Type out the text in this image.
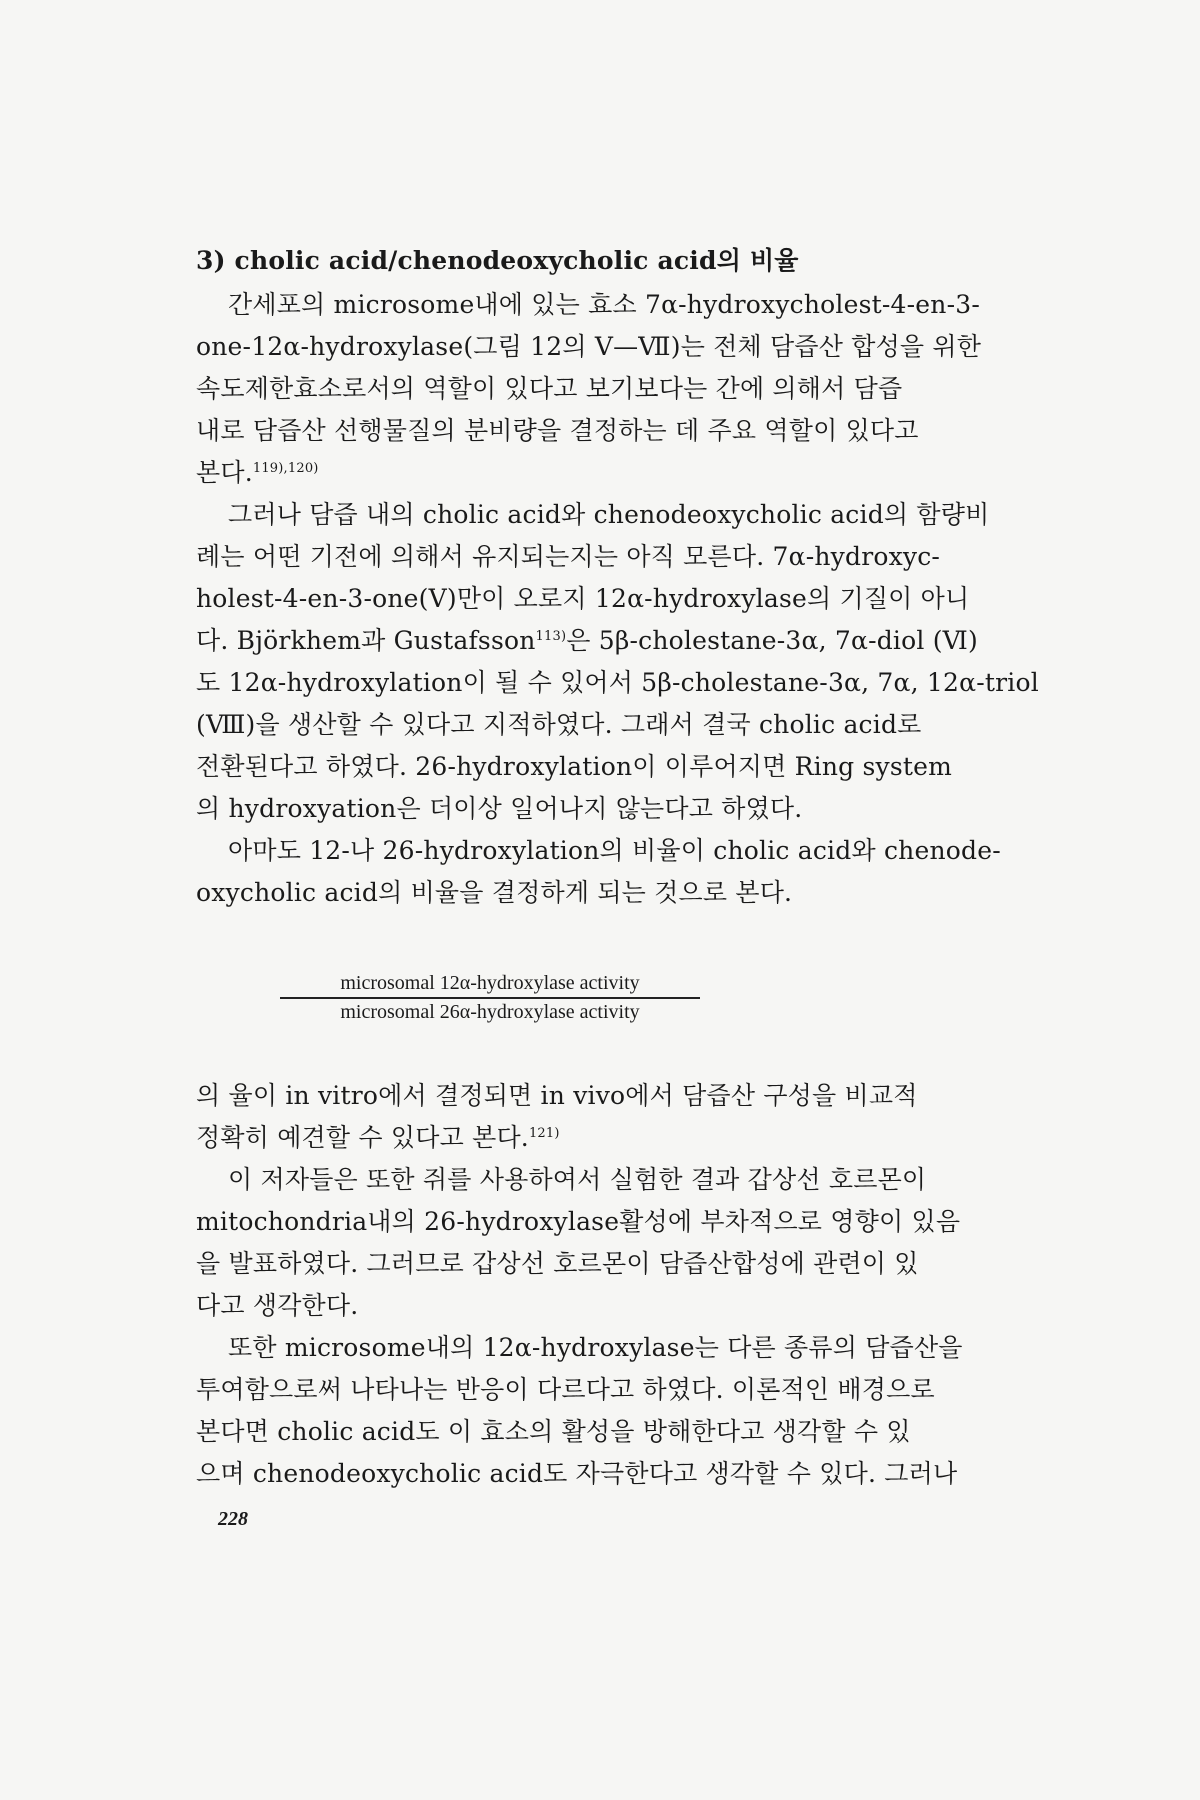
3) cholic acid/chenodeoxycholic acid의 비율
간세포의 microsome내에 있는 효소 7α-hydroxycholest-4-en-3-
one-12α-hydroxylase(그림 12의 V—Ⅶ)는 전체 담즙산 합성을 위한
속도제한효소로서의 역할이 있다고 보기보다는 간에 의해서 담즙
내로 담즙산 선행물질의 분비량을 결정하는 데 주요 역할이 있다고
본다.$^{119),120)}$
그러나 담즙 내의 cholic acid와 chenodeoxycholic acid의 함량비
례는 어떤 기전에 의해서 유지되는지는 아직 모른다. 7α-hydroxyc-
holest-4-en-3-one(Ⅴ)만이 오로지 12α-hydroxylase의 기질이 아니
다. Björkhem과 Gustafsson$^{113)}$은 5β-cholestane-3α, 7α-diol (Ⅵ)
도 12α-hydroxylation이 될 수 있어서 5β-cholestane-3α, 7α, 12α-triol
(Ⅷ)을 생산할 수 있다고 지적하였다. 그래서 결국 cholic acid로
전환된다고 하였다. 26-hydroxylation이 이루어지면 Ring system
의 hydroxyation은 더이상 일어나지 않는다고 하였다.
아마도 12-나 26-hydroxylation의 비율이 cholic acid와 chenode-
oxycholic acid의 비율을 결정하게 되는 것으로 본다.
microsomal 12α-hydroxylase activity
microsomal 26α-hydroxylase activity
의 율이 in vitro에서 결정되면 in vivo에서 담즙산 구성을 비교적
정확히 예견할 수 있다고 본다.$^{121)}$
이 저자들은 또한 쥐를 사용하여서 실험한 결과 갑상선 호르몬이
mitochondria내의 26-hydroxylase활성에 부차적으로 영향이 있음
을 발표하였다. 그러므로 갑상선 호르몬이 담즙산합성에 관련이 있
다고 생각한다.
또한 microsome내의 12α-hydroxylase는 다른 종류의 담즙산을
투여함으로써 나타나는 반응이 다르다고 하였다. 이론적인 배경으로
본다면 cholic acid도 이 효소의 활성을 방해한다고 생각할 수 있
으며 chenodeoxycholic acid도 자극한다고 생각할 수 있다. 그러나
228
